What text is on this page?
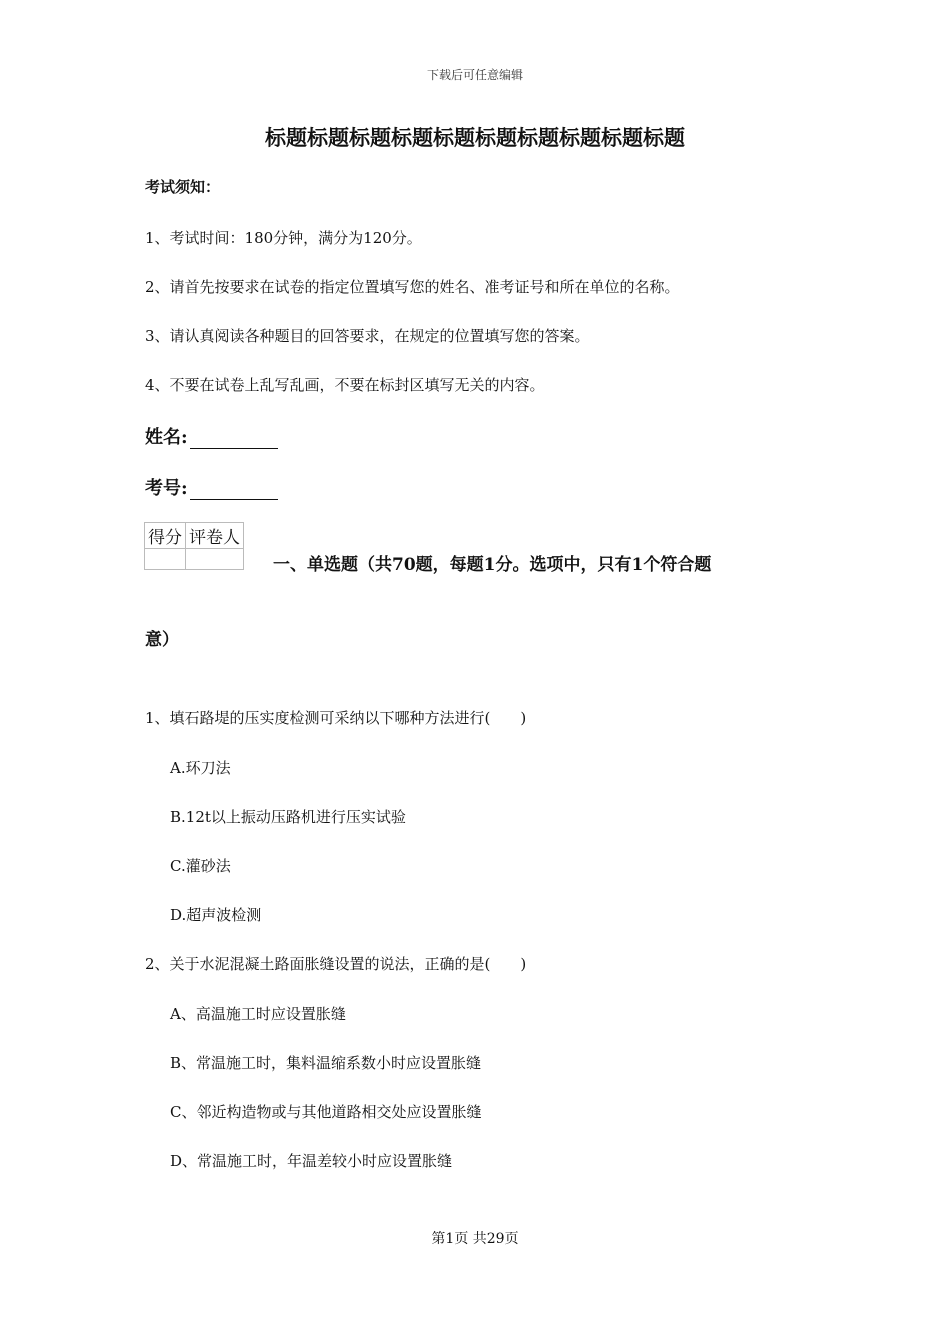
下载后可任意编辑
标题标题标题标题标题标题标题标题标题标题
考试须知：
1、考试时间：180分钟，满分为120分。
2、请首先按要求在试卷的指定位置填写您的姓名、准考证号和所在单位的名称。
3、请认真阅读各种题目的回答要求，在规定的位置填写您的答案。
4、不要在试卷上乱写乱画，不要在标封区填写无关的内容。
姓名:
考号:
得分	评卷人

一、单选题（共70题，每题1分。选项中，只有1个符合题
意）
1、填石路堤的压实度检测可采纳以下哪种方法进行(　　)
A.环刀法
B.12t以上振动压路机进行压实试验
C.灌砂法
D.超声波检测
2、关于水泥混凝土路面胀缝设置的说法，正确的是(　　)
A、高温施工时应设置胀缝
B、常温施工时，集料温缩系数小时应设置胀缝
C、邻近构造物或与其他道路相交处应设置胀缝
D、常温施工时，年温差较小时应设置胀缝
第1页 共29页
